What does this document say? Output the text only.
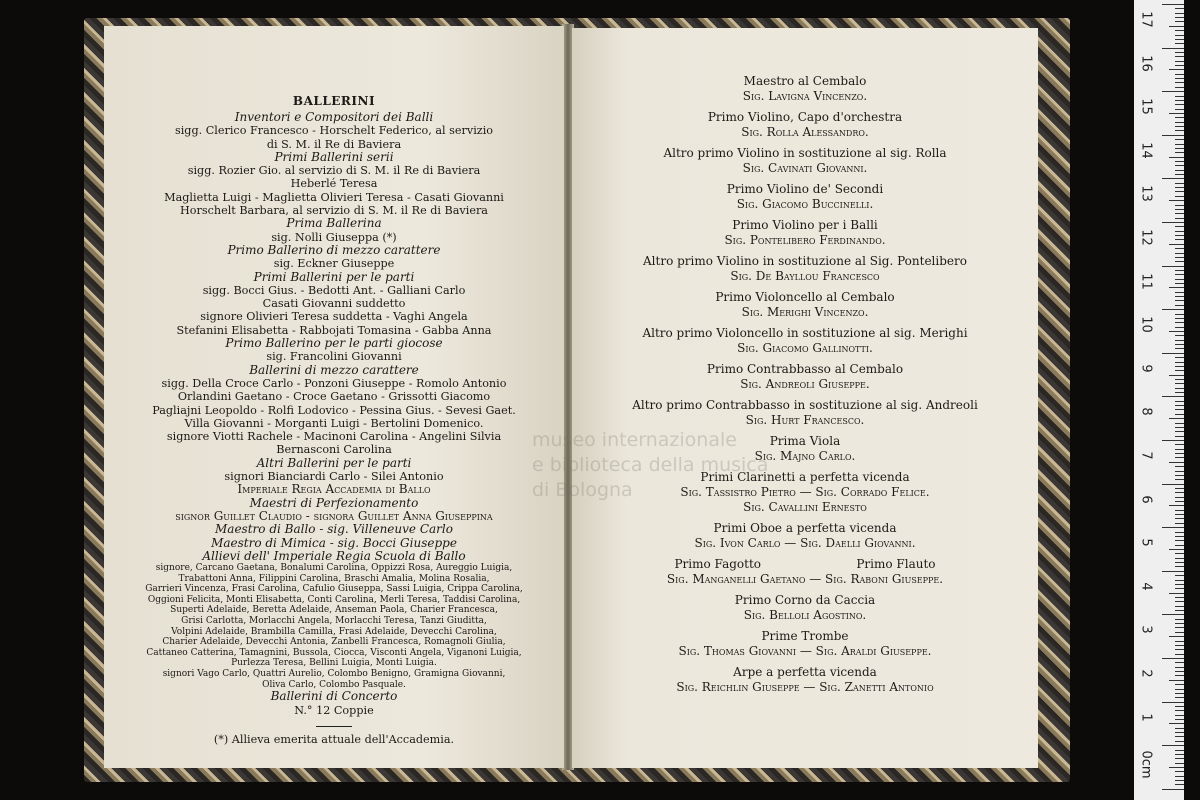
BALLERINI
Inventori e Compositori dei Balli
sigg. Clerico Francesco - Horschelt Federico, al servizio
di S. M. il Re di Baviera
Primi Ballerini serii
sigg. Rozier Gio. al servizio di S. M. il Re di Baviera
Heberlé Teresa
Maglietta Luigi - Maglietta Olivieri Teresa - Casati Giovanni
Horschelt Barbara, al servizio di S. M. il Re di Baviera
Prima Ballerina
sig. Nolli Giuseppa (*)
Primo Ballerino di mezzo carattere
sig. Eckner Giuseppe
Primi Ballerini per le parti
sigg. Bocci Gius. - Bedotti Ant. - Galliani Carlo
Casati Giovanni suddetto
signore Olivieri Teresa suddetta - Vaghi Angela
Stefanini Elisabetta - Rabbojati Tomasina - Gabba Anna
Primo Ballerino per le parti giocose
sig. Francolini Giovanni
Ballerini di mezzo carattere
sigg. Della Croce Carlo - Ponzoni Giuseppe - Romolo Antonio
Orlandini Gaetano - Croce Gaetano - Grissotti Giacomo
Pagliajni Leopoldo - Rolfi Lodovico - Pessina Gius. - Sevesi Gaet.
Villa Giovanni - Morganti Luigi - Bertolini Domenico.
signore Viotti Rachele - Macinoni Carolina - Angelini Silvia
Bernasconi Carolina
Altri Ballerini per le parti
signori Bianciardi Carlo - Silei Antonio
Imperiale Regia Accademia di Ballo
Maestri di Perfezionamento
signor Guillet Claudio - signora Guillet Anna Giuseppina
Maestro di Ballo - sig. Villeneuve Carlo
Maestro di Mimica - sig. Bocci Giuseppe
Allievi dell' Imperiale Regia Scuola di Ballo
signore, Carcano Gaetana, Bonalumi Carolina, Oppizzi Rosa, Aureggio Luigia,
Trabattoni Anna, Filippini Carolina, Braschi Amalia, Molina Rosalia,
Garrieri Vincenza, Frasi Carolina, Cafulio Giuseppa, Sassi Luigia, Crippa Carolina,
Oggioni Felicita, Monti Elisabetta, Conti Carolina, Merli Teresa, Taddisi Carolina,
Superti Adelaide, Beretta Adelaide, Anseman Paola, Charier Francesca,
Grisi Carlotta, Morlacchi Angela, Morlacchi Teresa, Tanzi Giuditta,
Volpini Adelaide, Brambilla Camilla, Frasi Adelaide, Devecchi Carolina,
Charier Adelaide, Devecchi Antonia, Zanbelli Francesca, Romagnoli Giulia,
Cattaneo Catterina, Tamagnini, Bussola, Ciocca, Visconti Angela, Viganoni Luigia,
Purlezza Teresa, Bellini Luigia, Monti Luigia.
signori Vago Carlo, Quattri Aurelio, Colombo Benigno, Gramigna Giovanni,
Oliva Carlo, Colombo Pasquale.
Ballerini di Concerto
N.° 12 Coppie
(*) Allieva emerita attuale dell'Accademia.
Maestro al Cembalo
Sig. Lavigna Vincenzo.
Primo Violino, Capo d'orchestra
Sig. Rolla Alessandro.
Altro primo Violino in sostituzione al sig. Rolla
Sig. Cavinati Giovanni.
Primo Violino de' Secondi
Sig. Giacomo Buccinelli.
Primo Violino per i Balli
Sig. Pontelibero Ferdinando.
Altro primo Violino in sostituzione al Sig. Pontelibero
Sig. De Bayllou Francesco
Primo Violoncello al Cembalo
Sig. Merighi Vincenzo.
Altro primo Violoncello in sostituzione al sig. Merighi
Sig. Giacomo Gallinotti.
Primo Contrabbasso al Cembalo
Sig. Andreoli Giuseppe.
Altro primo Contrabbasso in sostituzione al sig. Andreoli
Sig. Hurt Francesco.
Prima Viola
Sig. Majno Carlo.
Primi Clarinetti a perfetta vicenda
Sig. Tassistro Pietro — Sig. Corrado Felice.
Sig. Cavallini Ernesto
Primi Oboe a perfetta vicenda
Sig. Ivon Carlo — Sig. Daelli Giovanni.
Primo Fagotto                         Primo Flauto
Sig. Manganelli Gaetano — Sig. Raboni Giuseppe.
Primo Corno da Caccia
Sig. Belloli Agostino.
Prime Trombe
Sig. Thomas Giovanni — Sig. Araldi Giuseppe.
Arpe a perfetta vicenda
Sig. Reichlin Giuseppe — Sig. Zanetti Antonio
museo internazionale
e biblioteca della musica
di Bologna
17
16
15
14
13
12
11
10
9
8
7
6
5
4
3
2
1
0cm
